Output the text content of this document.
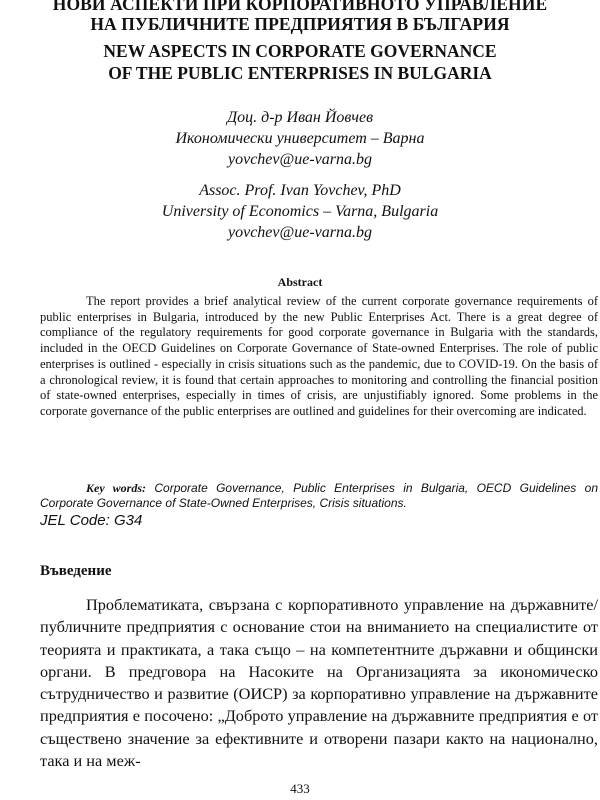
НОВИ АСПЕКТИ ПРИ КОРПОРАТИВНОТО УПРАВЛЕНИЕ
НА ПУБЛИЧНИТЕ ПРЕДПРИЯТИЯ В БЪЛГАРИЯ
NEW ASPECTS IN CORPORATE GOVERNANCE
OF THE PUBLIC ENTERPRISES IN BULGARIA
Доц. д-р Иван Йовчев
Икономически университет – Варна
yovchev@ue-varna.bg
Assoc. Prof. Ivan Yovchev, PhD
University of Economics – Varna, Bulgaria
yovchev@ue-varna.bg
Abstract

The report provides a brief analytical review of the current corporate governance requirements of public enterprises in Bulgaria, introduced by the new Public Enterprises Act. There is a great degree of compliance of the regulatory requirements for good corporate governance in Bulgaria with the standards, included in the OECD Guidelines on Corporate Governance of State-owned Enterprises. The role of public enterprises is outlined - especially in crisis situations such as the pandemic, due to COVID-19. On the basis of a chronological review, it is found that certain approaches to monitoring and controlling the financial position of state-owned enterprises, especially in times of crisis, are unjustifiably ignored. Some problems in the corporate governance of the public enterprises are outlined and guidelines for their overcoming are indicated.

Key words: Corporate Governance, Public Enterprises in Bulgaria, OECD Guidelines on Corporate Governance of State-Owned Enterprises, Crisis situations.
JEL Code: G34
Въведение

Проблематиката, свързана с корпоративното управление на държавните/публичните предприятия с основание стои на вниманието на специалистите от теорията и практиката, а така също – на компетентните държавни и общински органи. В предговора на Насоките на Организацията за икономическо сътрудничество и развитие (ОИСР) за корпоративно управление на държавните предприятия е посочено: „Доброто управление на държавните предприятия е от съществено значение за ефективните и отворени пазари както на национално, така и на меж-

433
